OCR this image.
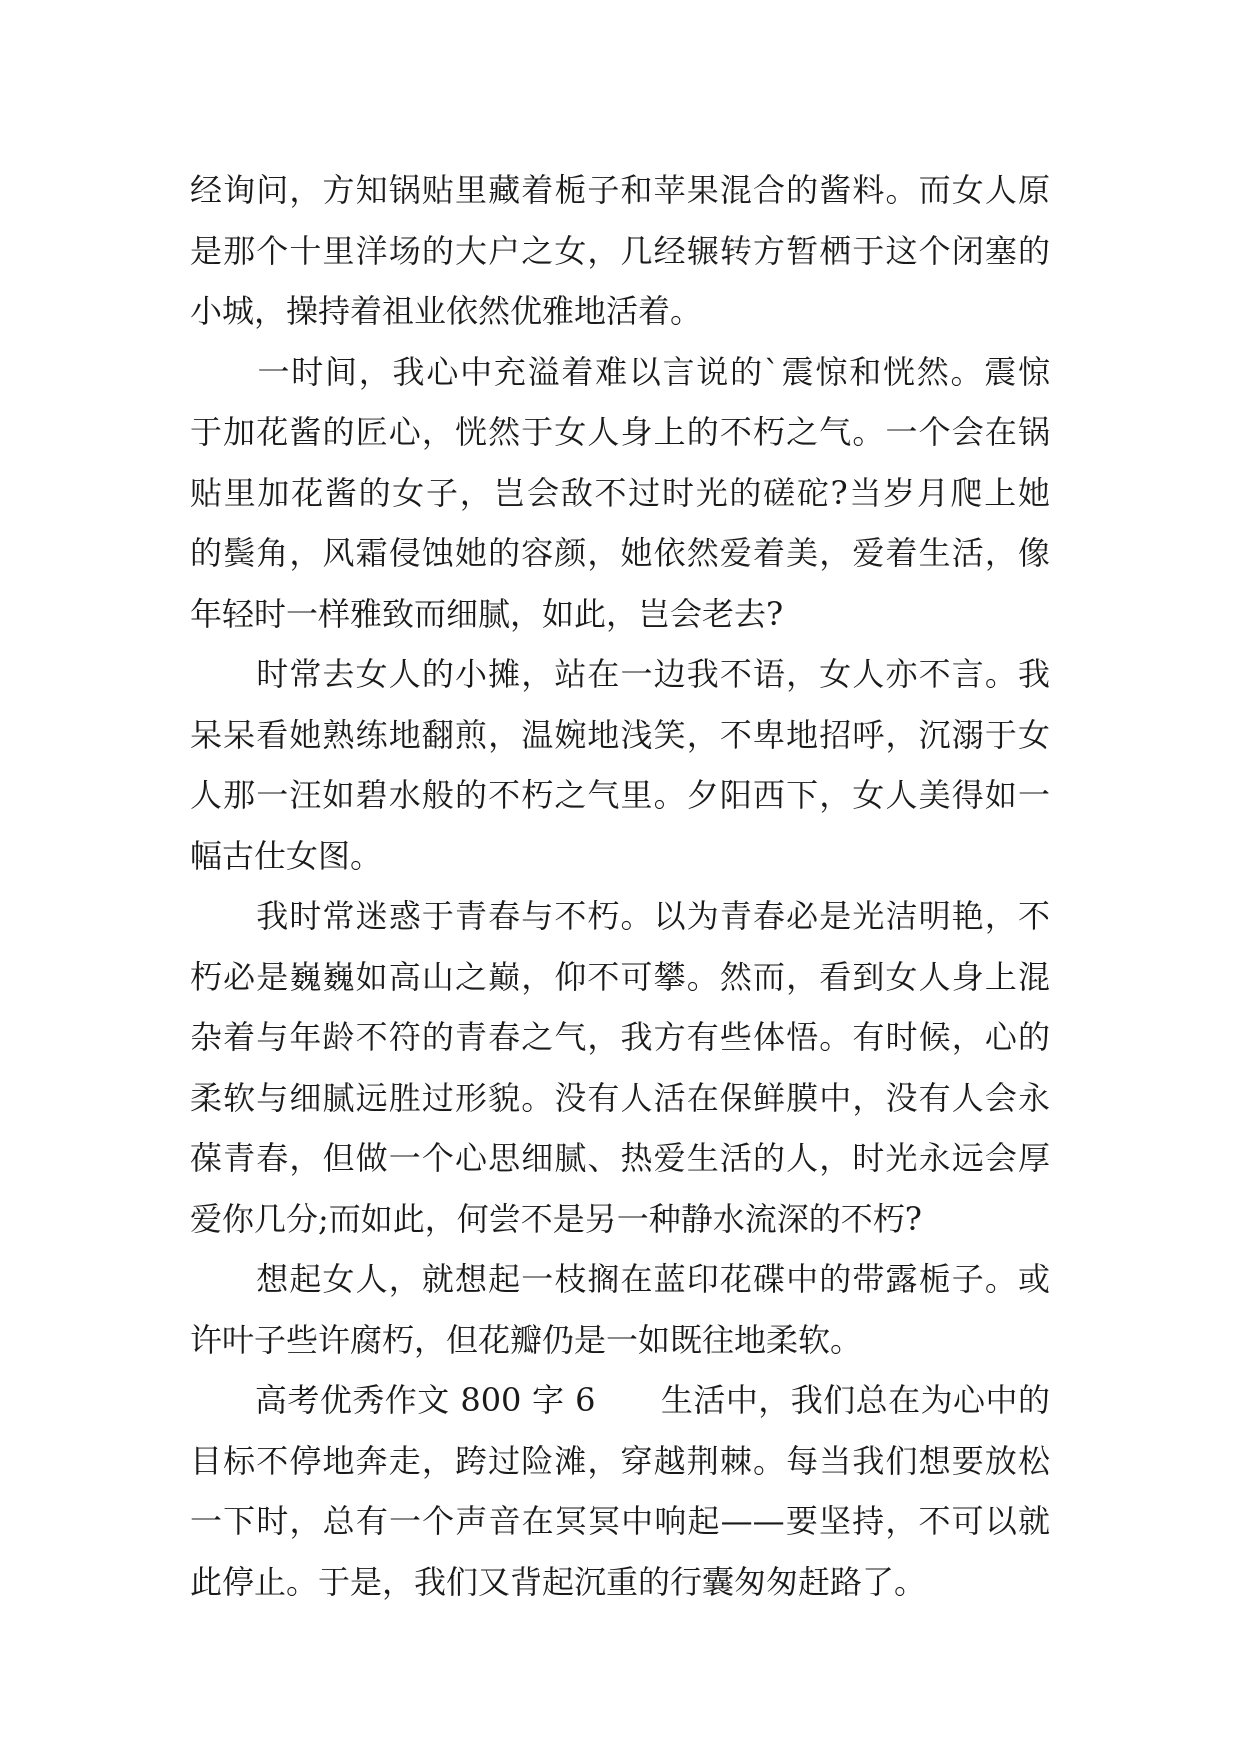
经询问，方知锅贴里藏着栀子和苹果混合的酱料。而女人原
是那个十里洋场的大户之女，几经辗转方暂栖于这个闭塞的
小城，操持着祖业依然优雅地活着。
　　一时间，我心中充溢着难以言说的`震惊和恍然。震惊
于加花酱的匠心，恍然于女人身上的不朽之气。一个会在锅
贴里加花酱的女子，岂会敌不过时光的磋砣?当岁月爬上她
的鬓角，风霜侵蚀她的容颜，她依然爱着美，爱着生活，像
年轻时一样雅致而细腻，如此，岂会老去?
　　时常去女人的小摊，站在一边我不语，女人亦不言。我
呆呆看她熟练地翻煎，温婉地浅笑，不卑地招呼，沉溺于女
人那一汪如碧水般的不朽之气里。夕阳西下，女人美得如一
幅古仕女图。
　　我时常迷惑于青春与不朽。以为青春必是光洁明艳，不
朽必是巍巍如高山之巅，仰不可攀。然而，看到女人身上混
杂着与年龄不符的青春之气，我方有些体悟。有时候，心的
柔软与细腻远胜过形貌。没有人活在保鲜膜中，没有人会永
葆青春，但做一个心思细腻、热爱生活的人，时光永远会厚
爱你几分;而如此，何尝不是另一种静水流深的不朽?
　　想起女人，就想起一枝搁在蓝印花碟中的带露栀子。或
许叶子些许腐朽，但花瓣仍是一如既往地柔软。
　　高考优秀作文 800 字 6　　生活中，我们总在为心中的
目标不停地奔走，跨过险滩，穿越荆棘。每当我们想要放松
一下时，总有一个声音在冥冥中响起——要坚持，不可以就
此停止。于是，我们又背起沉重的行囊匆匆赶路了。
